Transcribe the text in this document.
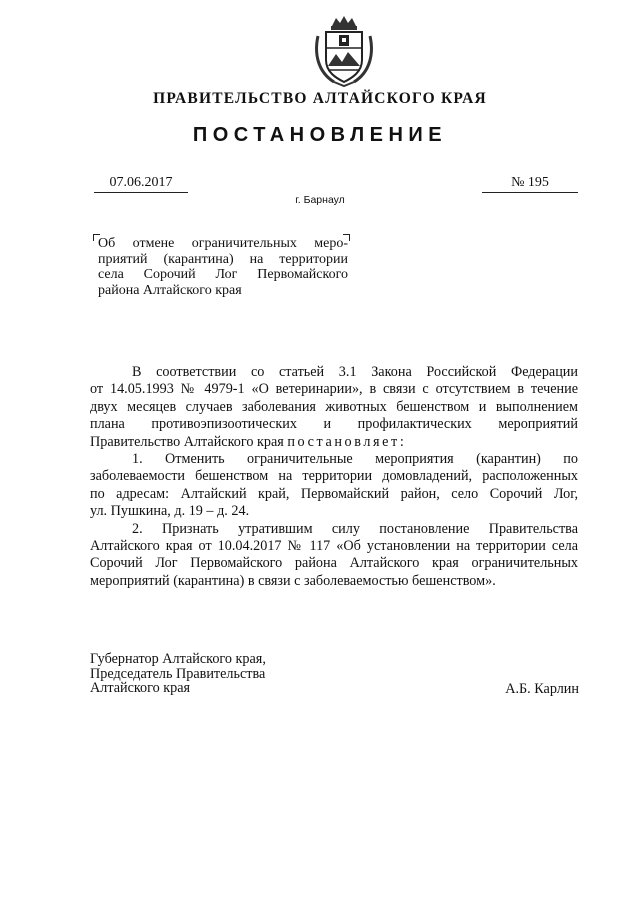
ПРАВИТЕЛЬСТВО АЛТАЙСКОГО КРАЯ
ПОСТАНОВЛЕНИЕ
07.06.2017
г. Барнаул
№ 195
Об отмене ограничительных меро-
приятий (карантина) на территории
села Сорочий Лог Первомайского
района Алтайского края
В соответствии со статьей 3.1 Закона Российской Федерации
от 14.05.1993 № 4979-1 «О ветеринарии», в связи с отсутствием в течение
двух месяцев случаев заболевания животных бешенством и выполнением
плана противоэпизоотических и профилактических мероприятий
Правительство Алтайского края постановляет:
1. Отменить ограничительные мероприятия (карантин) по
заболеваемости бешенством на территории домовладений, расположенных
по адресам: Алтайский край, Первомайский район, село Сорочий Лог,
ул. Пушкина, д. 19 – д. 24.
2. Признать утратившим силу постановление Правительства
Алтайского края от 10.04.2017 № 117 «Об установлении на территории села
Сорочий Лог Первомайского района Алтайского края ограничительных
мероприятий (карантина) в связи с заболеваемостью бешенством».
Губернатор Алтайского края,
Председатель Правительства
Алтайского края	А.Б. Карлин
